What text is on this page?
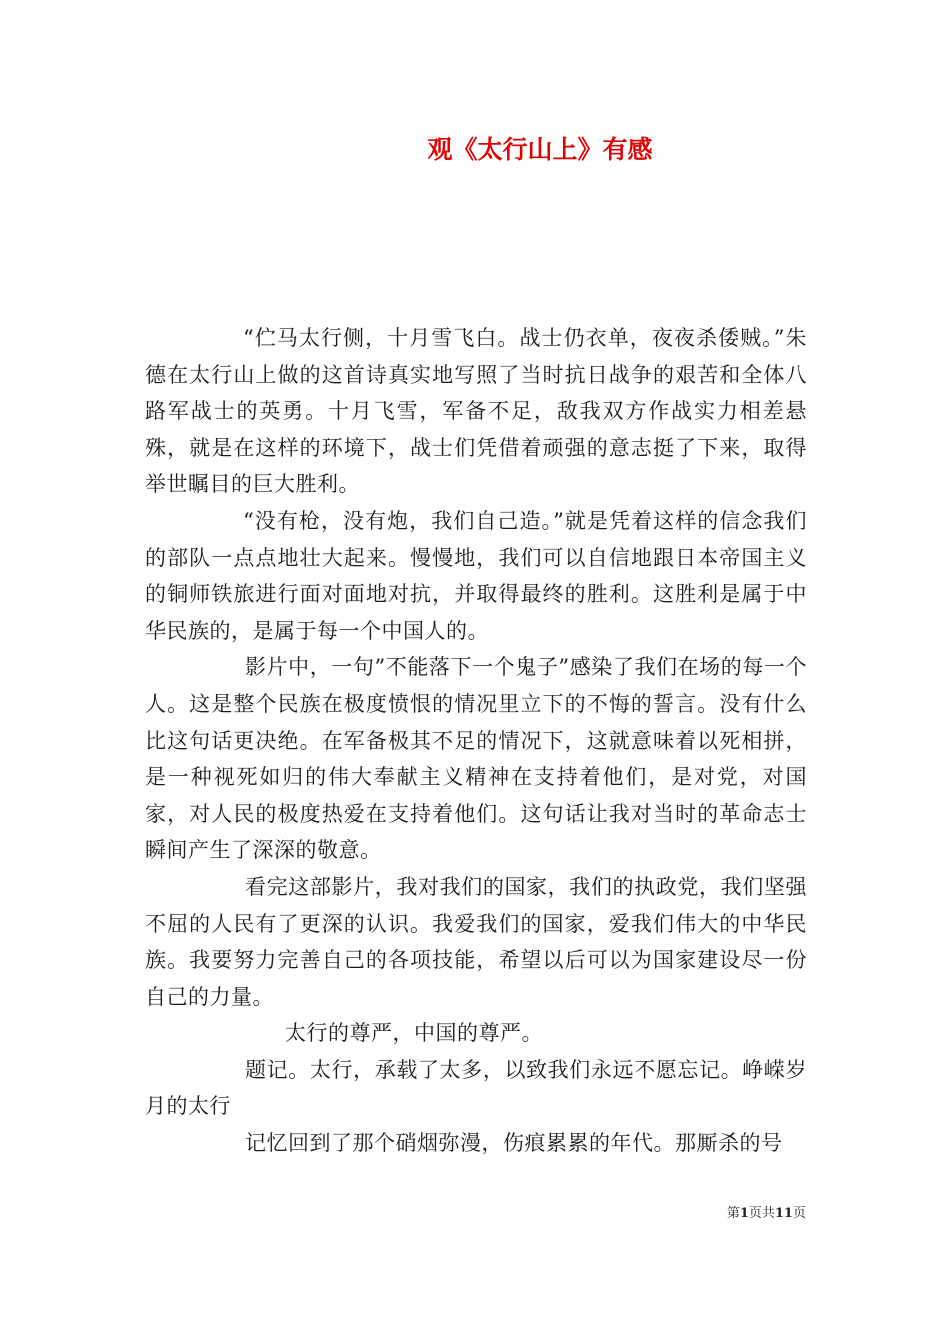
观《太行山上》有感

“伫马太行侧，十月雪飞白。战士仍衣单，夜夜杀倭贼。”朱德在太行山上做的这首诗真实地写照了当时抗日战争的艰苦和全体八路军战士的英勇。十月飞雪，军备不足，敌我双方作战实力相差悬殊，就是在这样的环境下，战士们凭借着顽强的意志挺了下来，取得举世瞩目的巨大胜利。

“没有枪，没有炮，我们自己造。”就是凭着这样的信念我们的部队一点点地壮大起来。慢慢地，我们可以自信地跟日本帝国主义的铜师铁旅进行面对面地对抗，并取得最终的胜利。这胜利是属于中华民族的，是属于每一个中国人的。

影片中，一句”不能落下一个鬼子”感染了我们在场的每一个人。这是整个民族在极度愤恨的情况里立下的不悔的誓言。没有什么比这句话更决绝。在军备极其不足的情况下，这就意味着以死相拼，是一种视死如归的伟大奉献主义精神在支持着他们，是对党，对国家，对人民的极度热爱在支持着他们。这句话让我对当时的革命志士瞬间产生了深深的敬意。

看完这部影片，我对我们的国家，我们的执政党，我们坚强不屈的人民有了更深的认识。我爱我们的国家，爱我们伟大的中华民族。我要努力完善自己的各项技能，希望以后可以为国家建设尽一份自己的力量。

太行的尊严，中国的尊严。

题记。太行，承载了太多，以致我们永远不愿忘记。峥嵘岁月的太行

记忆回到了那个硝烟弥漫，伤痕累累的年代。那厮杀的号

第1页共11页
